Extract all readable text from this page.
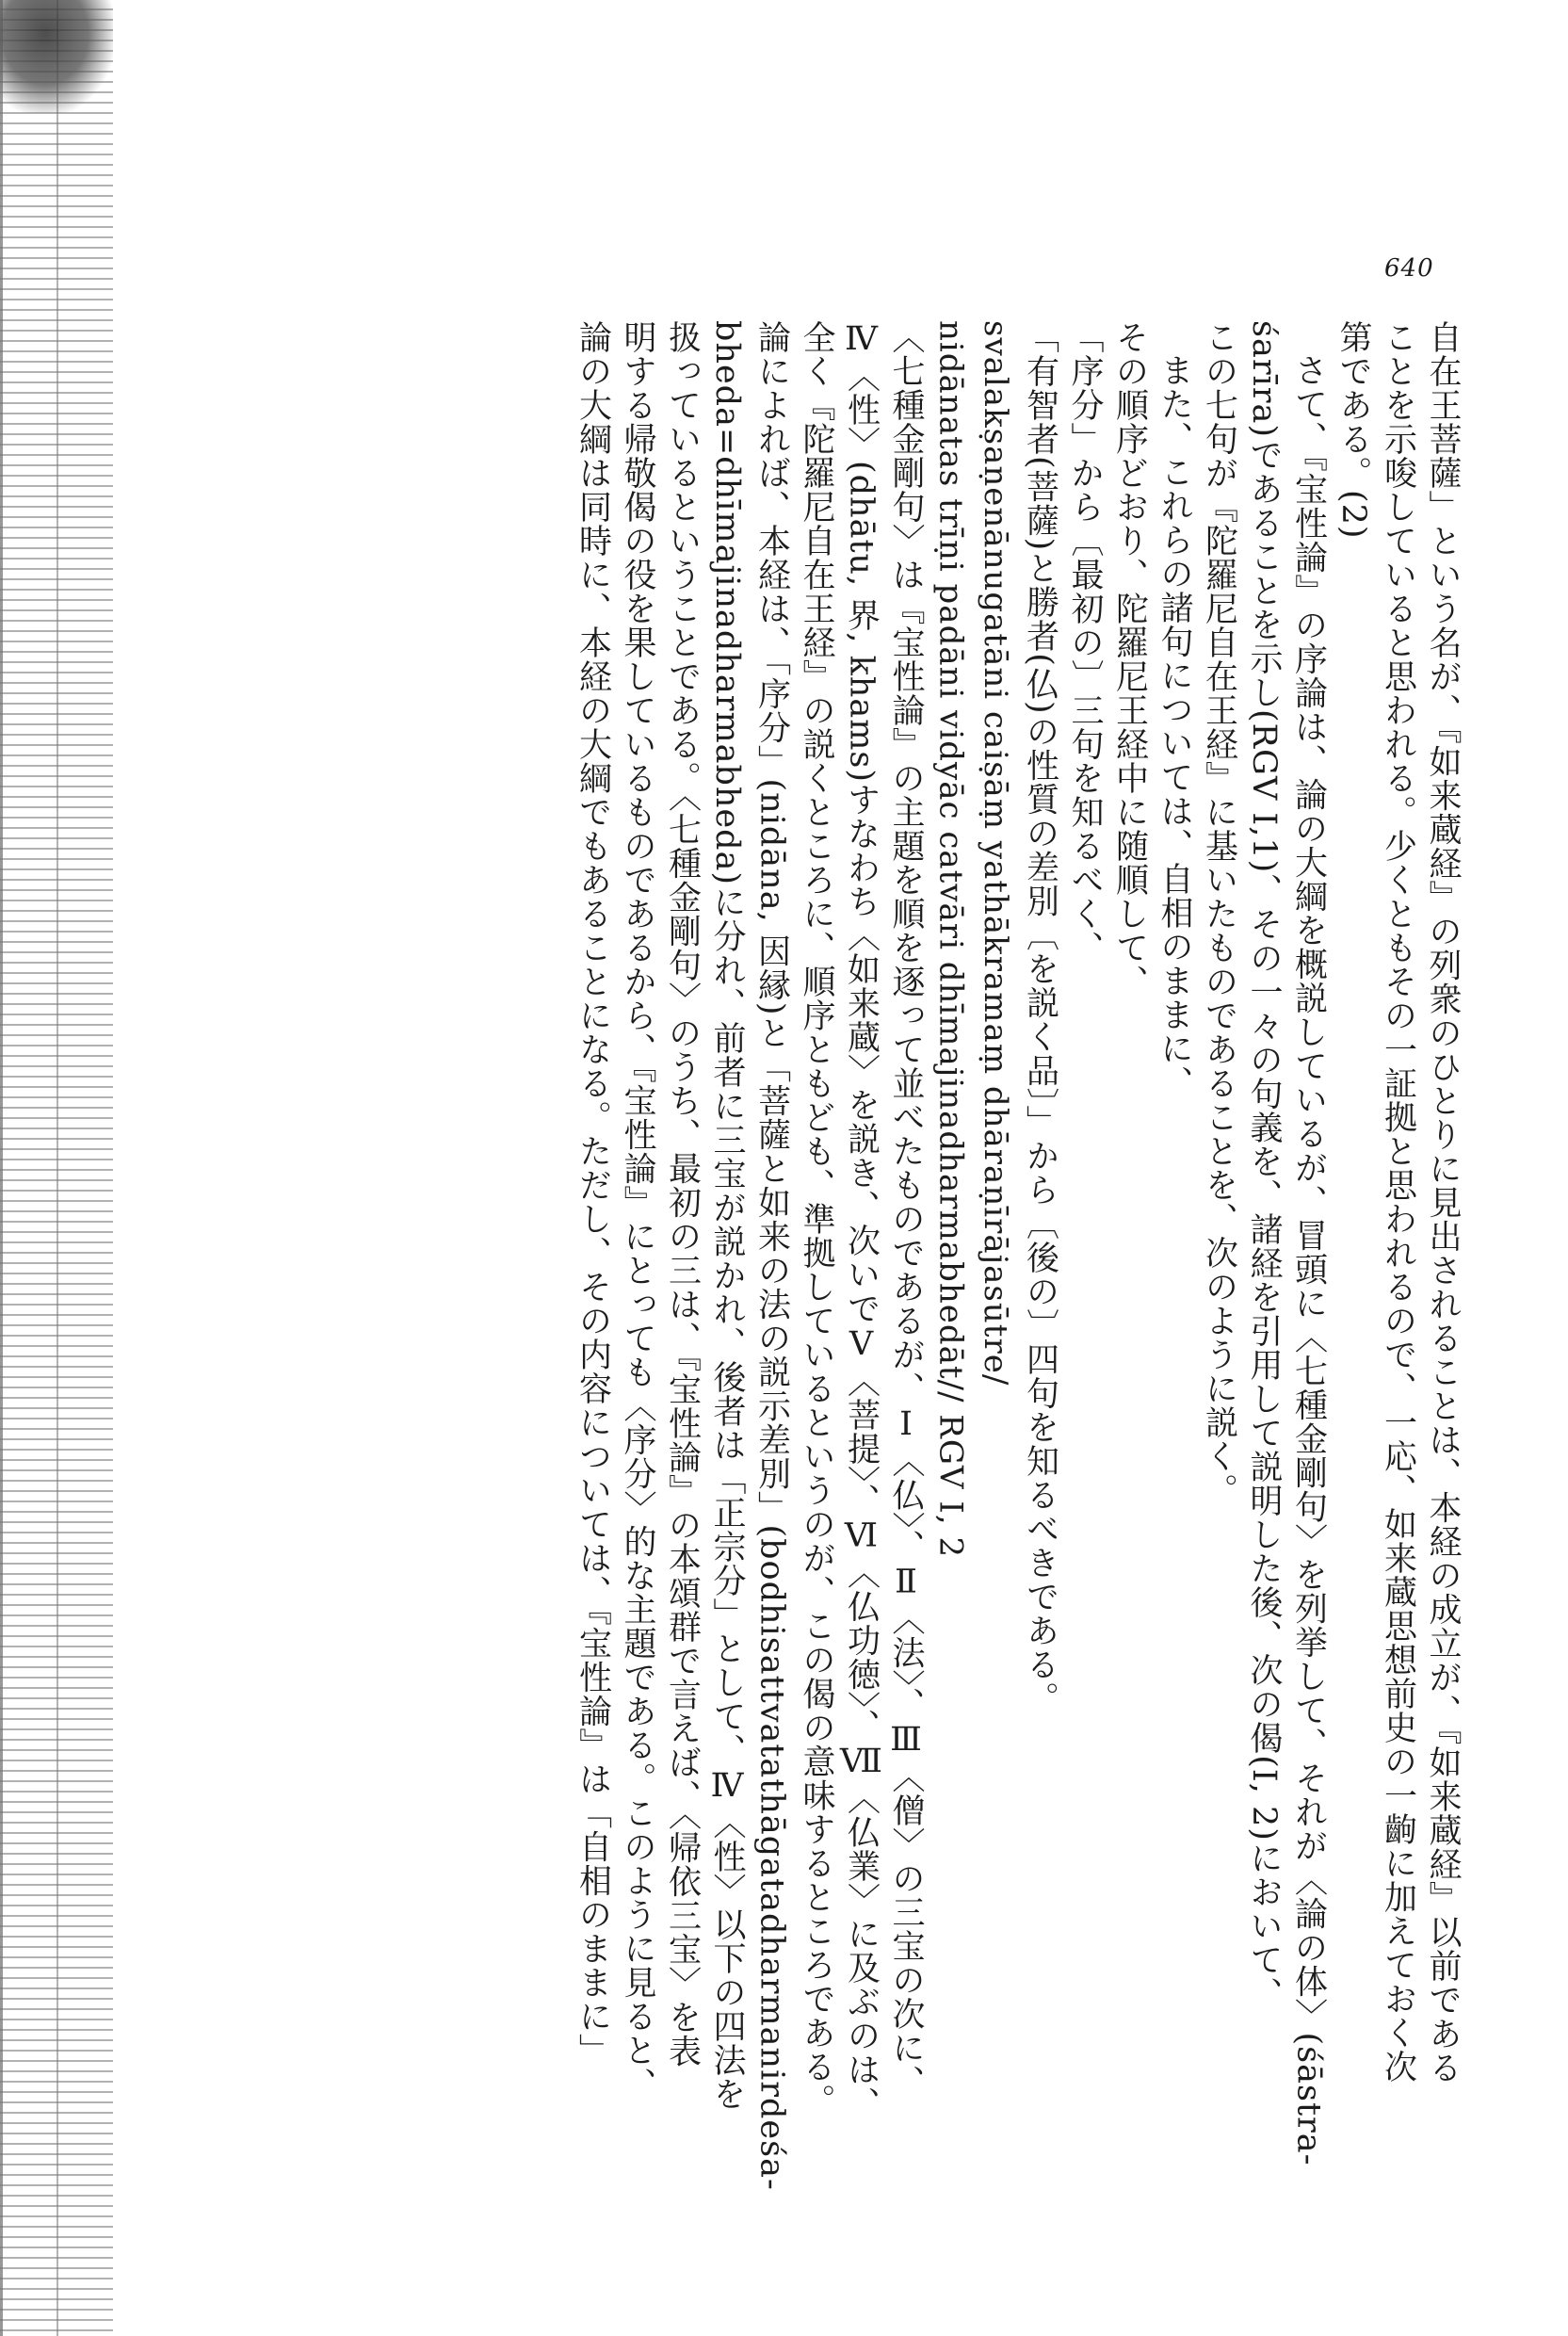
640
自在王菩薩」という名が、『如来蔵経』の列衆のひとりに見出されることは、本経の成立が、『如来蔵経』以前である
ことを示唆していると思われる。少くともその一証拠と思われるので、一応、如来蔵思想前史の一齣に加えておく次
第である。(2)
さて、『宝性論』の序論は、論の大綱を概説しているが、冒頭に〈七種金剛句〉を列挙して、それが〈論の体〉(śāstra-
śarīra)であることを示し(RGV I,1)、その一々の句義を、諸経を引用して説明した後、次の偈(I, 2)において、
この七句が『陀羅尼自在王経』に基いたものであることを、次のように説く。
また、これらの諸句については、自相のままに、
その順序どおり、陀羅尼王経中に随順して、
「序分」から〔最初の〕三句を知るべく、
「有智者(菩薩)と勝者(仏)の性質の差別〔を説く品〕」から〔後の〕四句を知るべきである。
svalakṣaṇenānugatāni caiṣāṃ yathākramaṃ dhāraṇīrājasūtre/
nidānatas trīṇi padāni vidyāc catvāri dhīmajinadharmabhedāt// RGV I, 2
〈七種金剛句〉は『宝性論』の主題を順を逐って並べたものであるが、Ⅰ〈仏〉、Ⅱ〈法〉、Ⅲ〈僧〉の三宝の次に、
Ⅳ〈性〉(dhātu, 界, khams)すなわち〈如来蔵〉を説き、次いでⅤ〈菩提〉、Ⅵ〈仏功徳〉、Ⅶ〈仏業〉に及ぶのは、
全く『陀羅尼自在王経』の説くところに、順序ともども、準拠しているというのが、この偈の意味するところである。
論によれば、本経は、「序分」(nidāna, 因縁)と「菩薩と如来の法の説示差別」(bodhisattvatathāgatadharmanirdeśa-
bheda=dhīmajinadharmabheda)に分れ、前者に三宝が説かれ、後者は「正宗分」として、Ⅳ〈性〉以下の四法を
扱っているということである。〈七種金剛句〉のうち、最初の三は、『宝性論』の本頌群で言えば、〈帰依三宝〉を表
明する帰敬偈の役を果しているものであるから、『宝性論』にとっても〈序分〉的な主題である。このように見ると、
論の大綱は同時に、本経の大綱でもあることになる。ただし、その内容については、『宝性論』は「自相のままに」
